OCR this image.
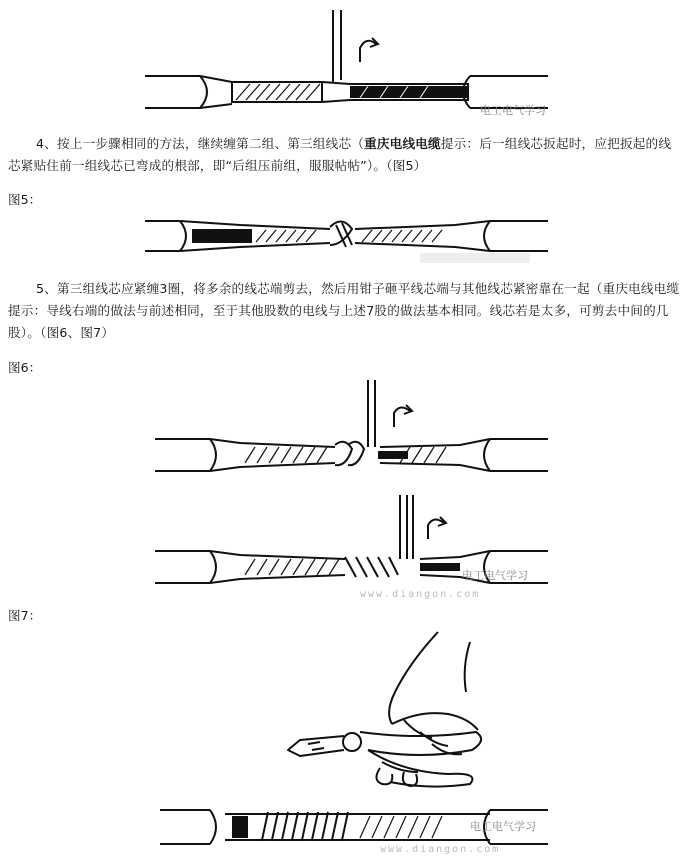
电工电气学习

4、按上一步骤相同的方法，继续缠第二组、第三组线芯（重庆电线电缆提示：后一组线芯扳起时，应把扳起的线芯紧贴住前一组线芯已弯成的根部，即“后组压前组，服服帖帖”）。（图5）

图5：

5、第三组线芯应紧缠3圈，将多余的线芯端剪去，然后用钳子砸平线芯端与其他线芯紧密靠在一起（重庆电线电缆提示：导线右端的做法与前述相同，至于其他股数的电线与上述7股的做法基本相同。线芯若是太多，可剪去中间的几股）。（图6、图7）

图6：

电工电气学习
www.diangon.com

图7：

电工电气学习
www.diangon.com
